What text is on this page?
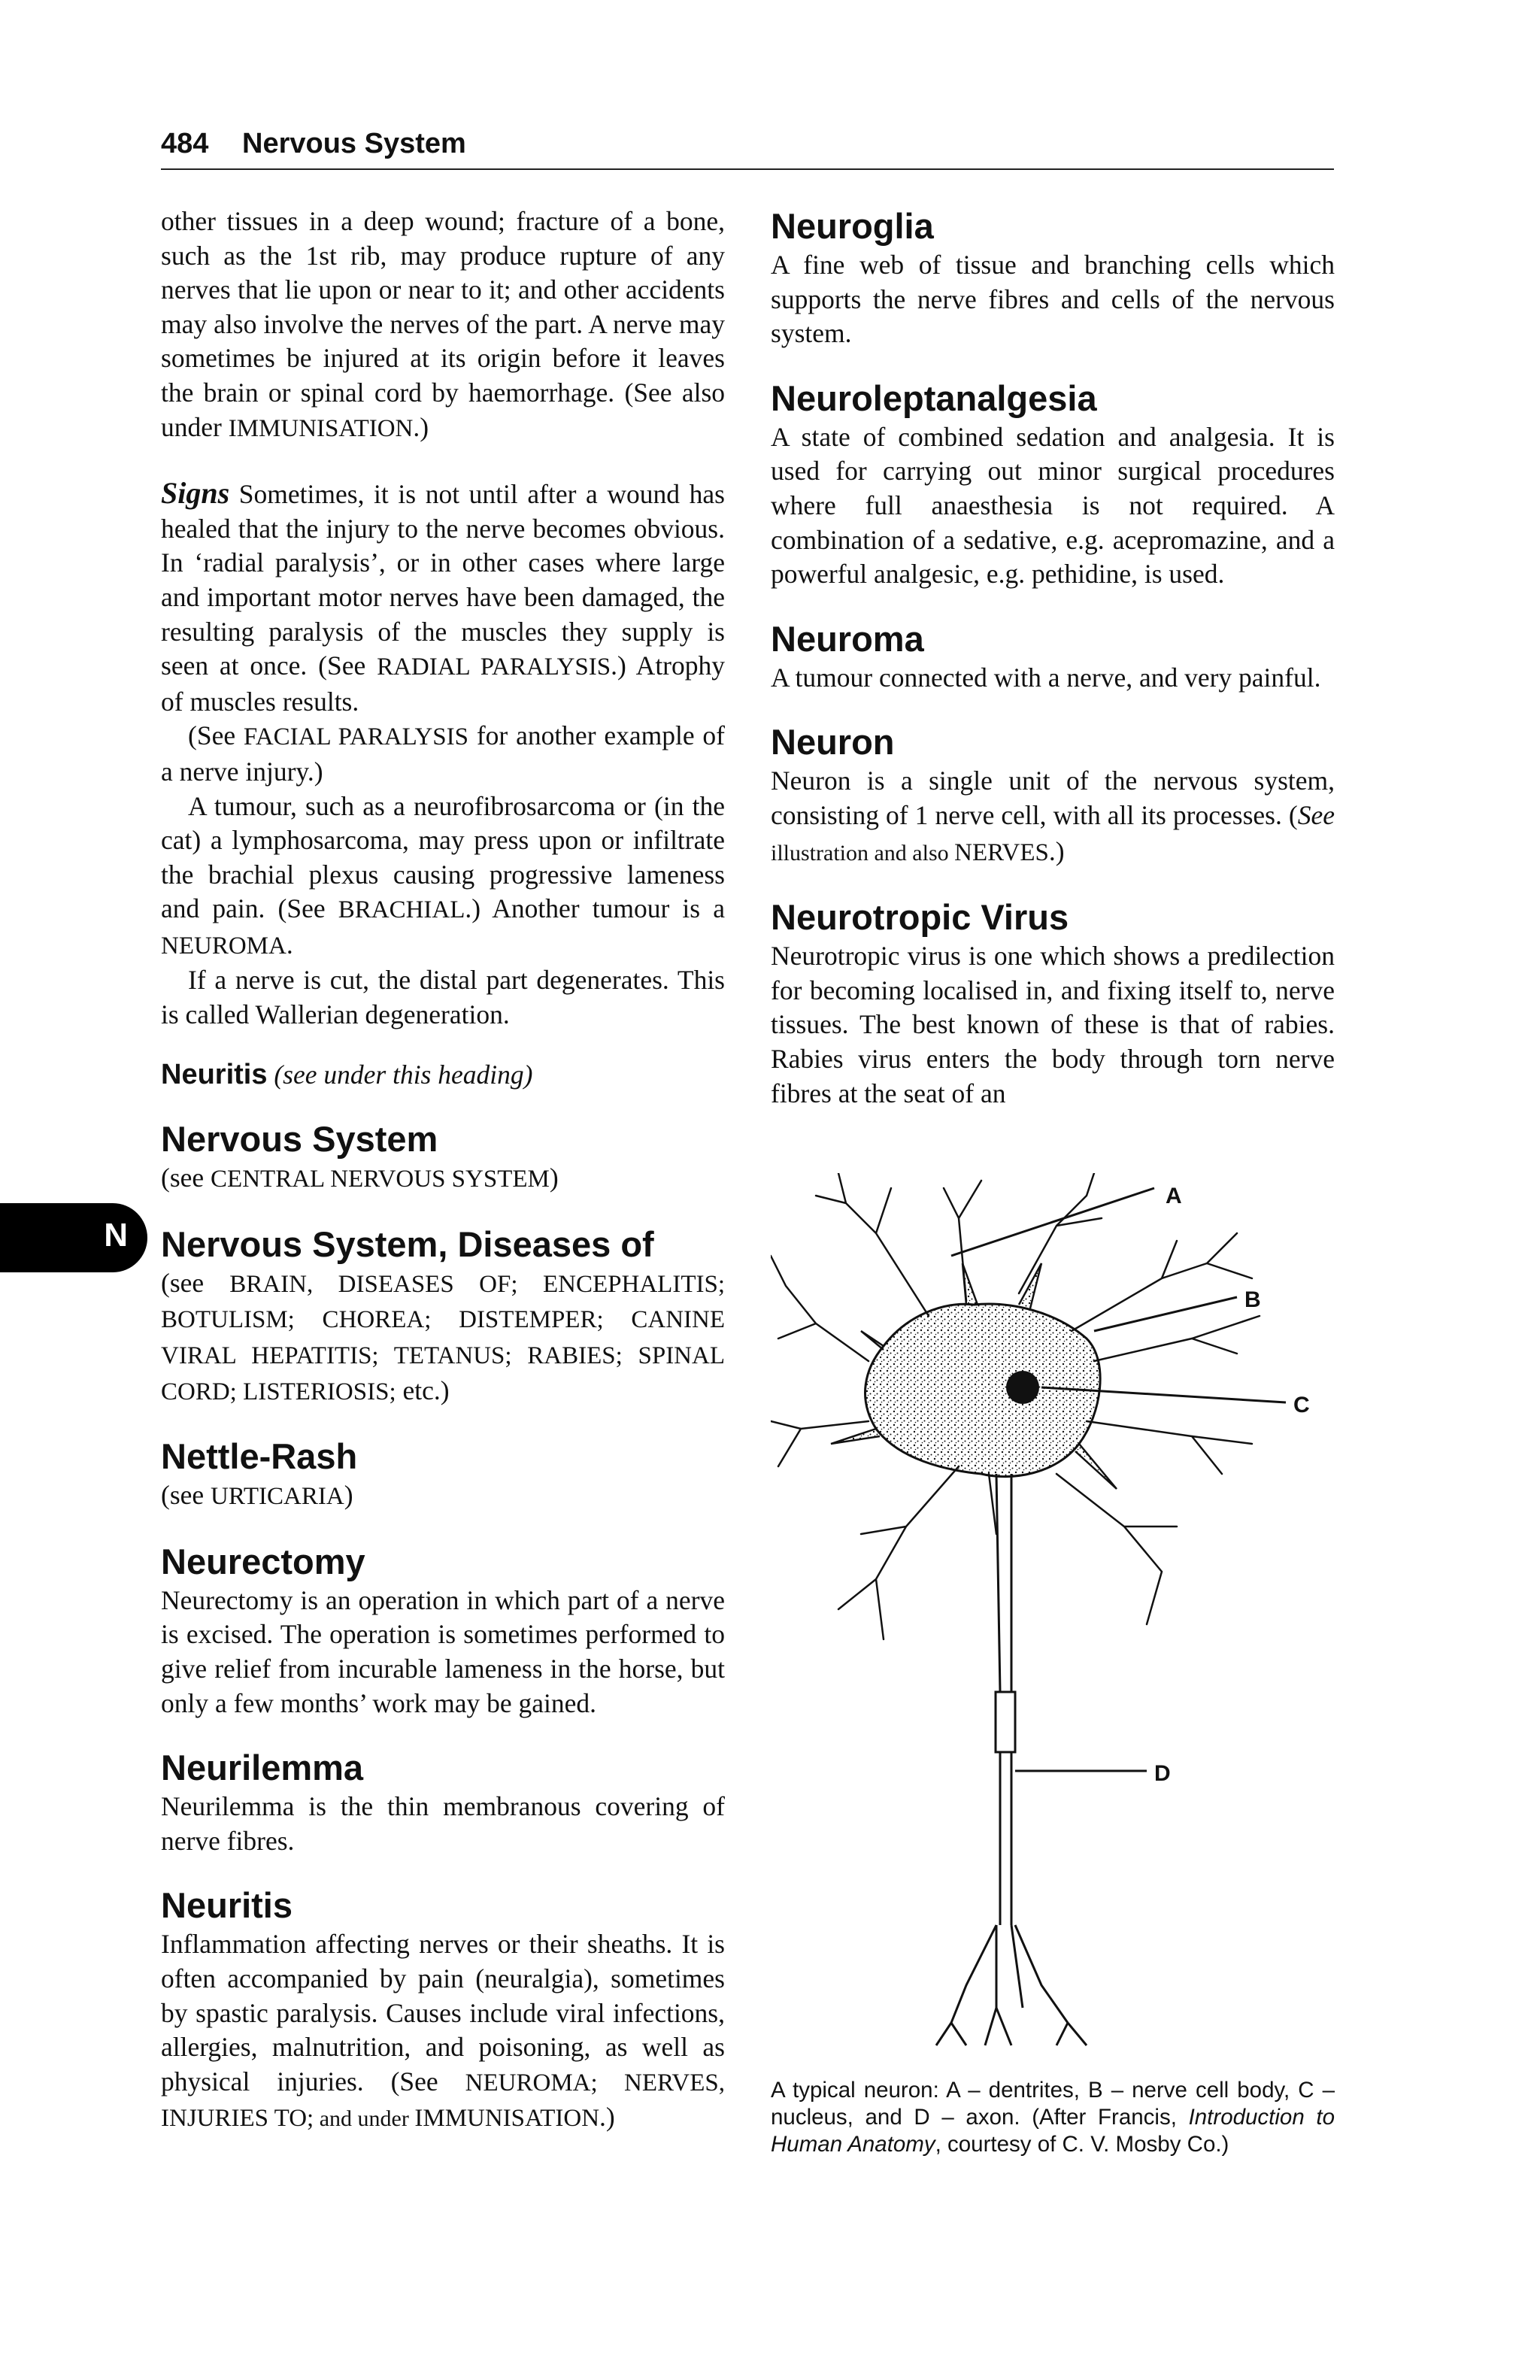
484 Nervous System
N

other tissues in a deep wound; fracture of a bone, such as the 1st rib, may produce rupture of any nerves that lie upon or near to it; and other accidents may also involve the nerves of the part. A nerve may sometimes be injured at its origin before it leaves the brain or spinal cord by haemorrhage. (See also under IMMUNISATION.)

Signs Sometimes, it is not until after a wound has healed that the injury to the nerve becomes obvious. In ‘radial paralysis’, or in other cases where large and important motor nerves have been damaged, the resulting paralysis of the muscles they supply is seen at once. (See RADIAL PARALYSIS.) Atrophy of muscles results.

(See FACIAL PARALYSIS for another example of a nerve injury.)

A tumour, such as a neurofibrosarcoma or (in the cat) a lymphosarcoma, may press upon or infiltrate the brachial plexus causing progressive lameness and pain. (See BRACHIAL.) Another tumour is a NEUROMA.

If a nerve is cut, the distal part degenerates. This is called Wallerian degeneration.

Neuritis (see under this heading)

Nervous System

(see CENTRAL NERVOUS SYSTEM)

Nervous System, Diseases of

(see BRAIN, DISEASES OF; ENCEPHALITIS; BOTULISM; CHOREA; DISTEMPER; CANINE VIRAL HEPATITIS; TETANUS; RABIES; SPINAL CORD; LISTERIOSIS; etc.)

Nettle-Rash

(see URTICARIA)

Neurectomy

Neurectomy is an operation in which part of a nerve is excised. The operation is sometimes performed to give relief from incurable lameness in the horse, but only a few months’ work may be gained.

Neurilemma

Neurilemma is the thin membranous covering of nerve fibres.

Neuritis

Inflammation affecting nerves or their sheaths. It is often accompanied by pain (neuralgia), sometimes by spastic paralysis. Causes include viral infections, allergies, malnutrition, and poisoning, as well as physical injuries. (See NEUROMA; NERVES, INJURIES TO; and under IMMUNISATION.)

Neuroglia

A fine web of tissue and branching cells which supports the nerve fibres and cells of the nervous system.

Neuroleptanalgesia

A state of combined sedation and analgesia. It is used for carrying out minor surgical procedures where full anaesthesia is not required. A combination of a sedative, e.g. acepromazine, and a powerful analgesic, e.g. pethidine, is used.

Neuroma

A tumour connected with a nerve, and very painful.

Neuron

Neuron is a single unit of the nervous system, consisting of 1 nerve cell, with all its processes. (See illustration and also NERVES.)

Neurotropic Virus

Neurotropic virus is one which shows a predilection for becoming localised in, and fixing itself to, nerve tissues. The best known of these is that of rabies. Rabies virus enters the body through torn nerve fibres at the seat of an

A
B
C
D
A typical neuron: A – dentrites, B – nerve cell body, C – nucleus, and D – axon. (After Francis, Introduction to Human Anatomy, courtesy of C. V. Mosby Co.)
